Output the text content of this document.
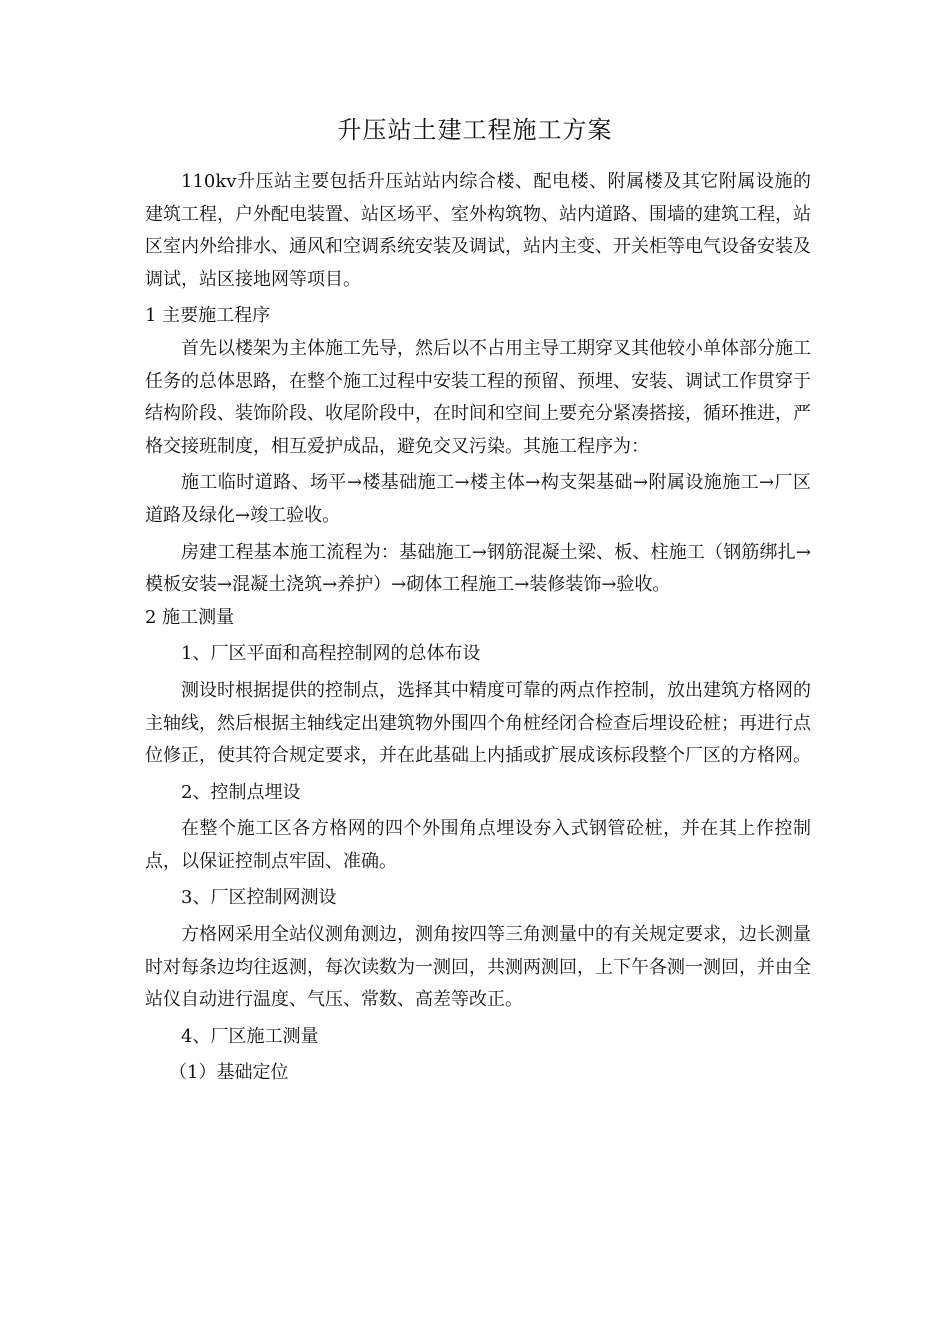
升压站土建工程施工方案

110kv升压站主要包括升压站站内综合楼、配电楼、附属楼及其它附属设施的建筑工程，户外配电装置、站区场平、室外构筑物、站内道路、围墙的建筑工程，站区室内外给排水、通风和空调系统安装及调试，站内主变、开关柜等电气设备安装及调试，站区接地网等项目。

1 主要施工程序

首先以楼架为主体施工先导，然后以不占用主导工期穿叉其他较小单体部分施工任务的总体思路，在整个施工过程中安装工程的预留、预埋、安装、调试工作贯穿于结构阶段、装饰阶段、收尾阶段中，在时间和空间上要充分紧凑搭接，循环推进，严格交接班制度，相互爱护成品，避免交叉污染。其施工程序为：

施工临时道路、场平→楼基础施工→楼主体→构支架基础→附属设施施工→厂区道路及绿化→竣工验收。

房建工程基本施工流程为：基础施工→钢筋混凝土梁、板、柱施工（钢筋绑扎→模板安装→混凝土浇筑→养护）→砌体工程施工→装修装饰→验收。

2 施工测量

1、厂区平面和高程控制网的总体布设

测设时根据提供的控制点，选择其中精度可靠的两点作控制，放出建筑方格网的主轴线，然后根据主轴线定出建筑物外围四个角桩经闭合检查后埋设砼桩；再进行点位修正，使其符合规定要求，并在此基础上内插或扩展成该标段整个厂区的方格网。

2、控制点埋设

在整个施工区各方格网的四个外围角点埋设夯入式钢管砼桩，并在其上作控制点，以保证控制点牢固、准确。

3、厂区控制网测设

方格网采用全站仪测角测边，测角按四等三角测量中的有关规定要求，边长测量时对每条边均往返测，每次读数为一测回，共测两测回，上下午各测一测回，并由全站仪自动进行温度、气压、常数、高差等改正。

4、厂区施工测量

（1）基础定位
